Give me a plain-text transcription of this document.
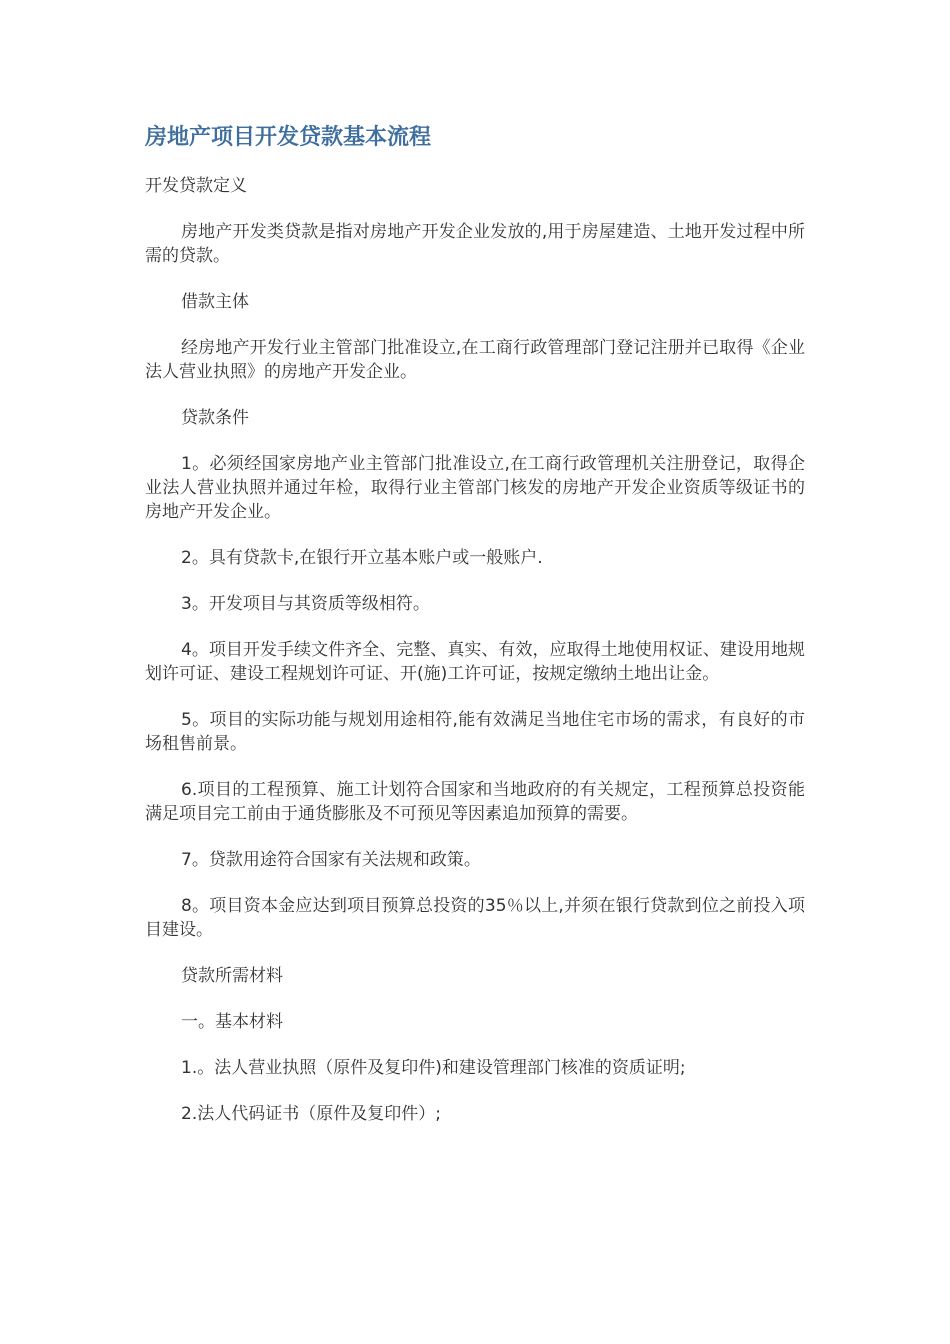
房地产项目开发贷款基本流程
开发贷款定义
房地产开发类贷款是指对房地产开发企业发放的,用于房屋建造、土地开发过程中所需的贷款。
借款主体
经房地产开发行业主管部门批准设立,在工商行政管理部门登记注册并已取得《企业法人营业执照》的房地产开发企业。
贷款条件
1。必须经国家房地产业主管部门批准设立,在工商行政管理机关注册登记，取得企业法人营业执照并通过年检，取得行业主管部门核发的房地产开发企业资质等级证书的房地产开发企业。
2。具有贷款卡,在银行开立基本账户或一般账户.
3。开发项目与其资质等级相符。
4。项目开发手续文件齐全、完整、真实、有效，应取得土地使用权证、建设用地规划许可证、建设工程规划许可证、开(施)工许可证，按规定缴纳土地出让金。
5。项目的实际功能与规划用途相符,能有效满足当地住宅市场的需求，有良好的市场租售前景。
6.项目的工程预算、施工计划符合国家和当地政府的有关规定，工程预算总投资能满足项目完工前由于通货膨胀及不可预见等因素追加预算的需要。
7。贷款用途符合国家有关法规和政策。
8。项目资本金应达到项目预算总投资的35％以上,并须在银行贷款到位之前投入项目建设。
贷款所需材料
一。基本材料
1.。法人营业执照（原件及复印件)和建设管理部门核准的资质证明;
2.法人代码证书（原件及复印件）;
